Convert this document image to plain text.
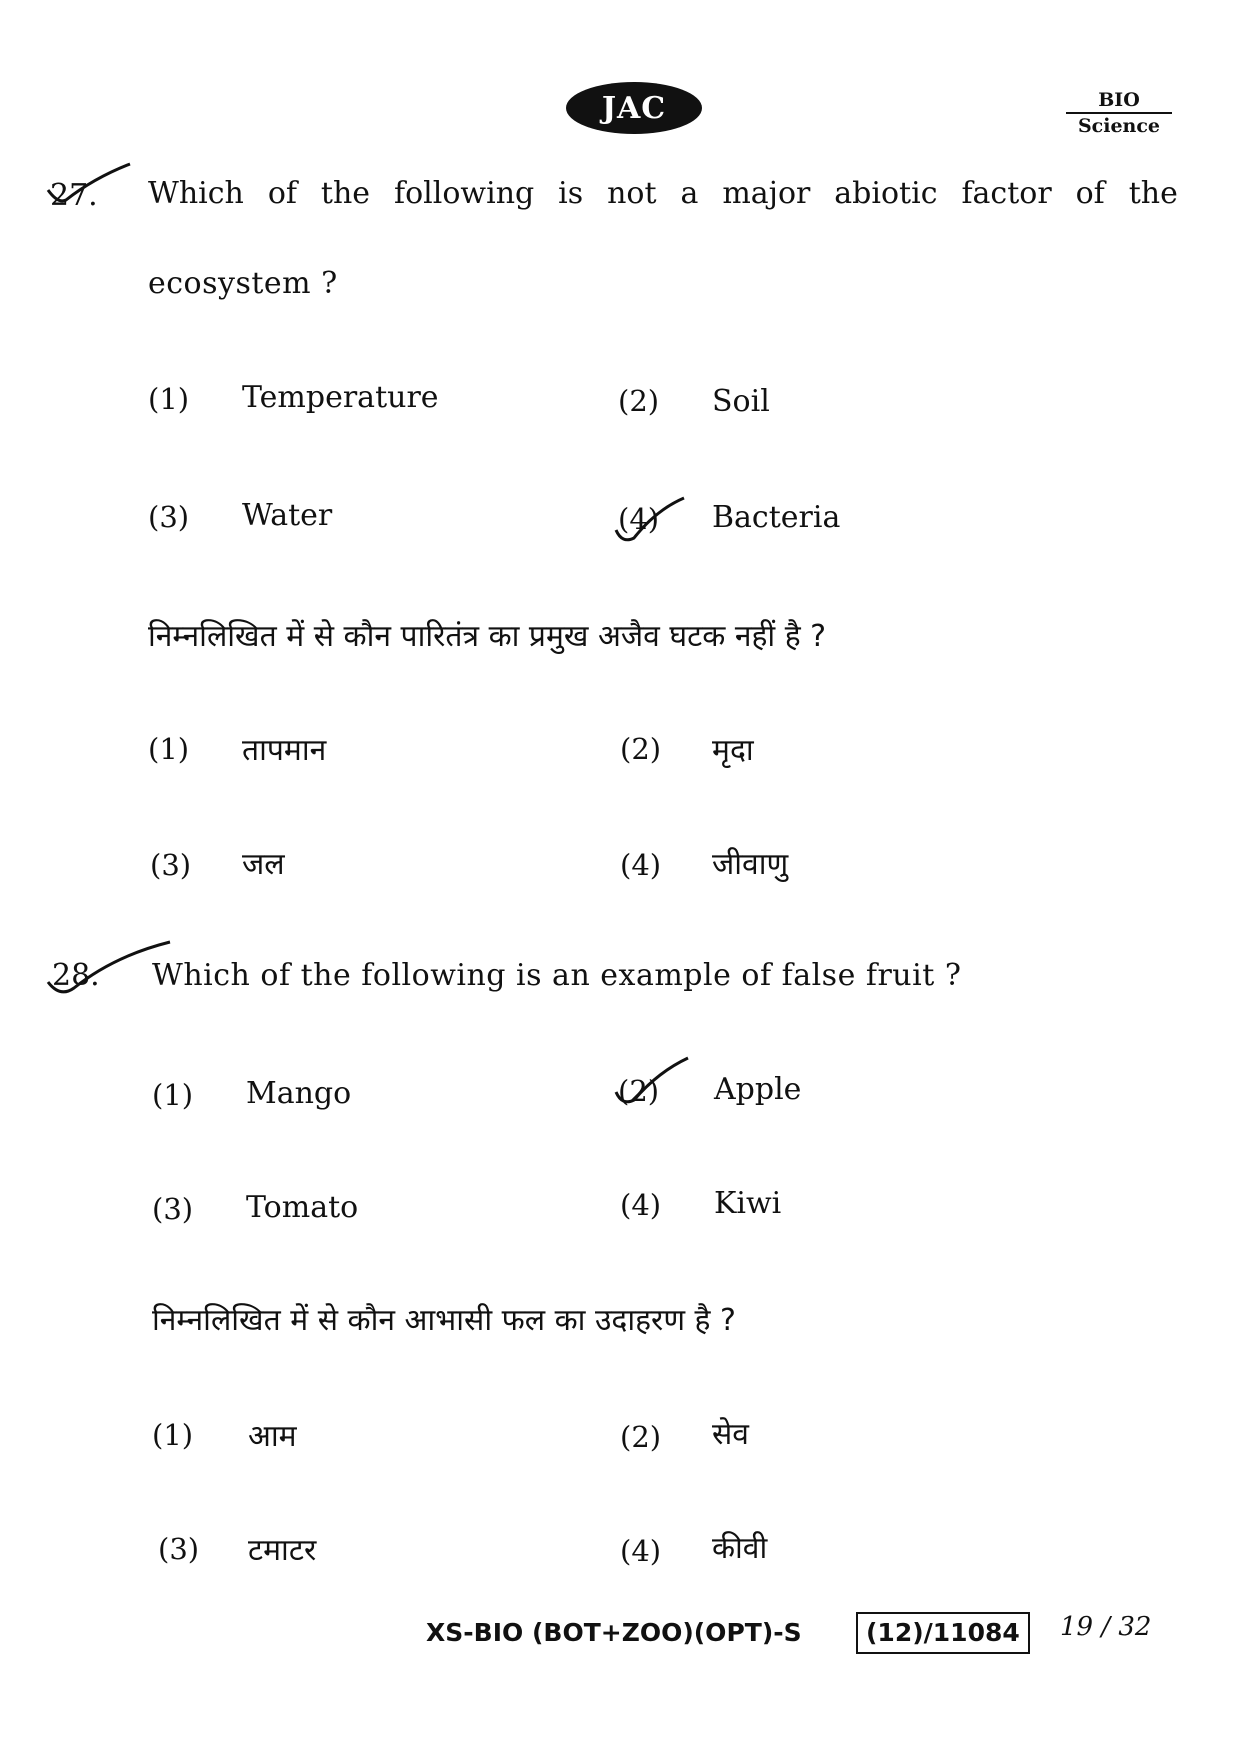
JAC	BIO
Science
27. Which of the following is not a major abiotic factor of the
ecosystem ?
(1) Temperature	(2) Soil
(3) Water	(4) Bacteria
निम्नलिखित में से कौन पारितंत्र का प्रमुख अजैव घटक नहीं है ?
(1) तापमान	(2) मृदा
(3) जल	(4) जीवाणु
28. Which of the following is an example of false fruit ?
(1) Mango	(2) Apple
(3) Tomato	(4) Kiwi
निम्नलिखित में से कौन आभासी फल का उदाहरण है ?
(1) आम	(2) सेव
(3) टमाटर	(4) कीवी
XS-BIO (BOT+ZOO)(OPT)-S	(12)/11084	19 / 32
